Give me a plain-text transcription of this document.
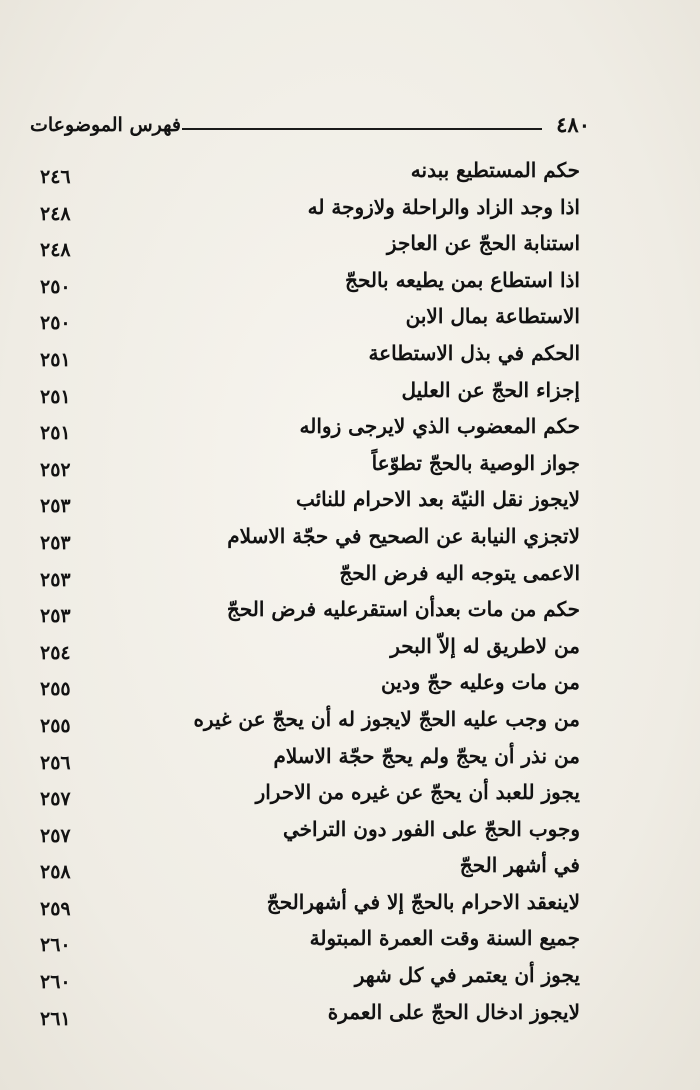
٤٨٠
فهرس الموضوعات
حكم المستطيع ببدنه
٢٤٦
اذا وجد الزاد والراحلة ولازوجة له
٢٤٨
استنابة الحجّ عن العاجز
٢٤٨
اذا استطاع بمن يطيعه بالحجّ
٢٥٠
الاستطاعة بمال الابن
٢٥٠
الحكم في بذل الاستطاعة
٢٥١
إجزاء الحجّ عن العليل
٢٥١
حكم المعضوب الذي لايرجى زواله
٢٥١
جواز الوصية بالحجّ تطوّعاً
٢٥٢
لايجوز نقل النيّة بعد الاحرام للنائب
٢٥٣
لاتجزي النيابة عن الصحيح في حجّة الاسلام
٢٥٣
الاعمى يتوجه اليه فرض الحجّ
٢٥٣
حكم من مات بعدأن استقرعليه فرض الحجّ
٢٥٣
من لاطريق له إلاّ البحر
٢٥٤
من مات وعليه حجّ ودين
٢٥٥
من وجب عليه الحجّ لايجوز له أن يحجّ عن غيره
٢٥٥
من نذر أن يحجّ ولم يحجّ حجّة الاسلام
٢٥٦
يجوز للعبد أن يحجّ عن غيره من الاحرار
٢٥٧
وجوب الحجّ على الفور دون التراخي
٢٥٧
في أشهر الحجّ
٢٥٨
لاينعقد الاحرام بالحجّ إلا في أشهرالحجّ
٢٥٩
جميع السنة وقت العمرة المبتولة
٢٦٠
يجوز أن يعتمر في كل شهر
٢٦٠
لايجوز ادخال الحجّ على العمرة
٢٦١
